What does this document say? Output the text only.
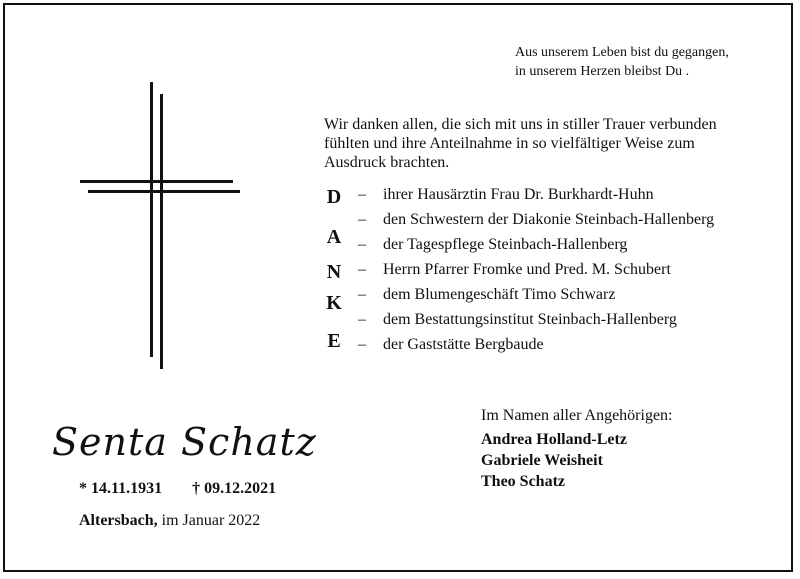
Aus unserem Leben bist du gegangen,
in unserem Herzen bleibst Du .
Wir danken allen, die sich mit uns in stiller Trauer verbunden
fühlten und ihre Anteilnahme in so vielfältiger Weise zum
Ausdruck brachten.
D	– ihrer Hausärztin Frau Dr. Burkhardt-Huhn
– den Schwestern der Diakonie Steinbach-Hallenberg
A	– der Tagespflege Steinbach-Hallenberg
N	– Herrn Pfarrer Fromke und Pred. M. Schubert
K	– dem Blumengeschäft Timo Schwarz
– dem Bestattungsinstitut Steinbach-Hallenberg
E	– der Gaststätte Bergbaude
Senta Schatz
* 14.11.1931 † 09.12.2021
Altersbach, im Januar 2022
Im Namen aller Angehörigen:
Andrea Holland-Letz
Gabriele Weisheit
Theo Schatz
